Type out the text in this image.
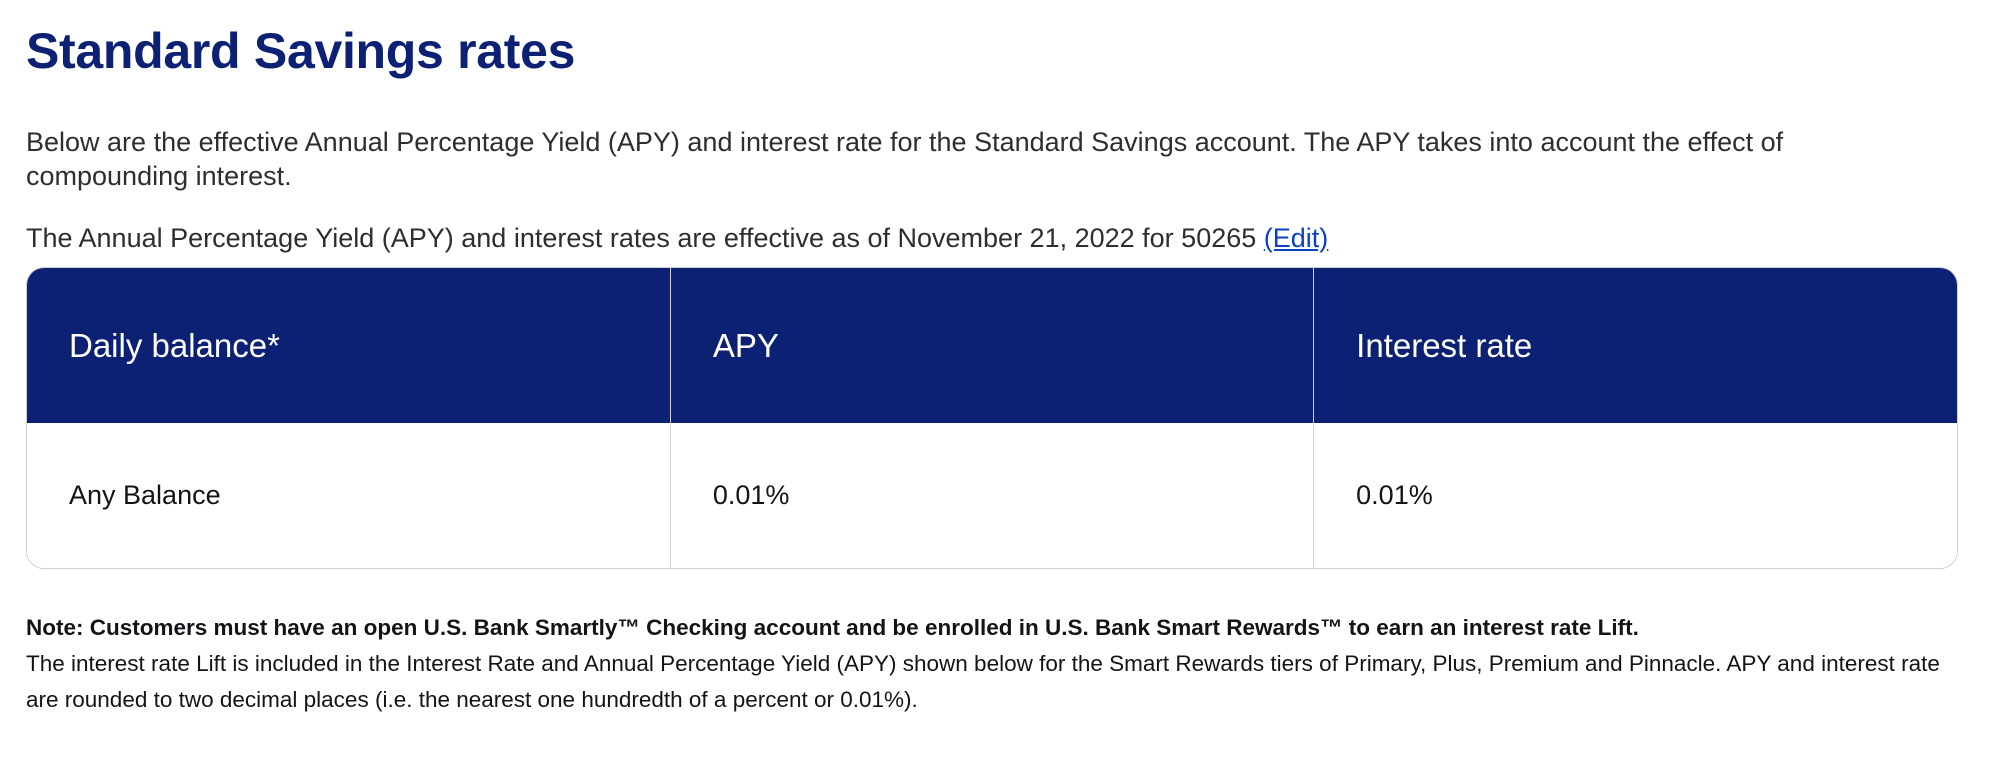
Standard Savings rates

Below are the effective Annual Percentage Yield (APY) and interest rate for the Standard Savings account. The APY takes into account the effect of compounding interest.

The Annual Percentage Yield (APY) and interest rates are effective as of November 21, 2022 for 50265 (Edit)
Daily balance*	APY	Interest rate
Any Balance	0.01%	0.01%
Note: Customers must have an open U.S. Bank Smartly™ Checking account and be enrolled in U.S. Bank Smart Rewards™ to earn an interest rate Lift.
The interest rate Lift is included in the Interest Rate and Annual Percentage Yield (APY) shown below for the Smart Rewards tiers of Primary, Plus, Premium and Pinnacle. APY and interest rate are rounded to two decimal places (i.e. the nearest one hundredth of a percent or 0.01%).
